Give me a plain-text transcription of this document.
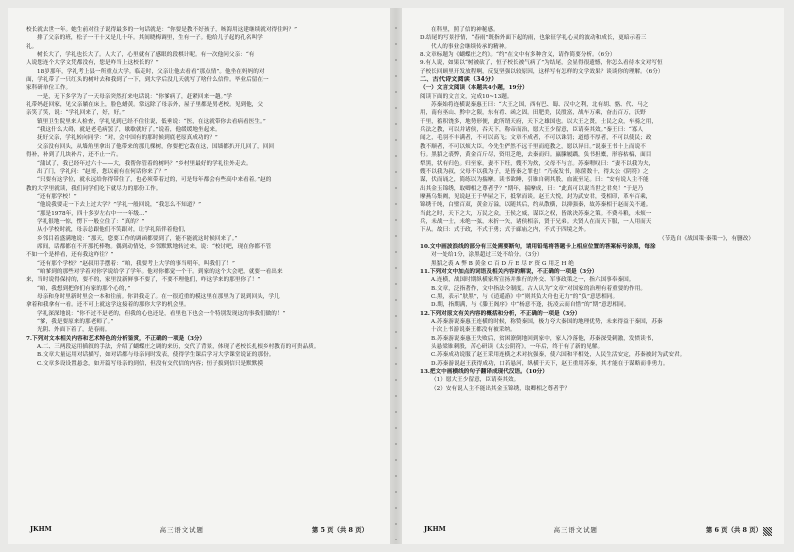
校长就去世一年。她生前对往子说得最多的一句话就是：“你要是教不好孩子，咳海用这建继续就对得住吗？”
排了父亲的班，松子一干十又是几十年。其间晓梅调里，生有一子。他给儿子起的孔名叫学
礼。
树长大了，学礼也长大了。人大了，心里就有了感眼的段棋计呢。有一次他问父亲：“有
人说您连个大学文凭都没有，您是咋当上这校长的？”
18岁那年，学礼考上县一所重点大学。临走时，父亲让他去看看“那点情”。他坐在妈妈的对
面，学礼带了一只红头的树叶去和我到了一下，到大学后没几天就写了啥什么信件。毕业后留在一
家科研单位工作。
一是，无下多学为了一天母亲突然打来电话说：“你爹病了，赶紧回来一趟。”学
礼带妈赶回家，见父亲躺在床上，脸色蜡黄。常远除了母亲外，屋子里都是男老校。见到他，父
亲笑了笑，说：“学礼回来了，好，好。”
镇里卫生院里来人检查，学礼见到已经不住往说，低垂说：“医，在这就带你去看病看医生。”
“我这什么大碍，就是老毛病罢了，歇歇就好了。”说着，他缓缓地坐起来。
抚好父亲，学礼转向同学：“对，会中国有的那时候到底老原真成功的？”
父亲没有回头，从墙角里拿出了他带来的那几棵树，你要把它栽在这，国墙都扒开几回了，回回
得补，补到了几块补片，还不止一片。
“蒲试了，我已经年过六十——大，我帮你管着的树吗？”乡村里最好的学礼往外走去。
出了门，学礼问：“赵哥，您以前有在何话你来了？”
“只要有这学位，就永远给你得带住了，也必须带着过的，可是每年都会有些高中来看着。”赵的
教的大学里就读，我们同学们吃下就尽力的那份工作。
“还有那学校！”
“他说我要走一下去上过大学？”学礼一般回说，“我怎么不知道？”
“那是1978年，四十多岁左右中一一年级…”
学礼很地一惊，愣下一般立住了：“真的？”
从小学校时就，母亲总跟他们不笑跟对，让学礼陪伴着他们，
乡邻目着盛满地说：“那天，您要工作的调函都要到了，能不能就这时候回来了。”
席间，话都都在不开那托棒物。偶到动情处，乡邻默默地转过来，说：“校讨吧，现在你都不管
不如一个是样看，还有我这咋往？”
“还有那个学校？”赵叔用手摆着：“咱，我要考上大学的事当明年，叫我们了！”
“咱爹到的那些对学着对你学说给学了学年。他对你都觉一个干。到家的这个大会吧，就要一看出来
来，当时说得保持的，要不的，家里没新鲜事不要了，不要不理他们，咋这学来的那里你了！”
“咱，我想到把你们有家的那个心的，”
母亲和身时里新时里会一本和往前。你讲我走了。在一很近重的模这里在那里为了说到回头，学儿
拿着和我拿有一看。还不可上就这学这接着的那你大学的机会里。
学礼深深地说：“你不过不是老的，但我的心也还是，看里也下也会一个特别发现这的事我们做的！”
“爹，我是要原来的那老师了。”
光阴、外面下着了，是春雨。
7.下列对文本相关内容和艺术特色的分析鉴赏，不正确的一项是（3分）
A.二、三两段运用插叙的手法，介绍了蝴蝶庄之调的来历，交代了背景，体现了老校长扎根乡村教育的可贵品质。
B.文章大量运用对话描写，如对话都与母亲同时发表，使得学生课后学习大学课堂说证的那份。
C.文章多设设置悬念，如开篇写母亲的到信，但没有交代信的内容；恒子拔到信只是默默摸
JKHM	高三语文试题	第 5 页（共 8 页）
在科里，照了信的神秘感。
D.结尾的写景抒情，“春雨”既指外面下起的雨，也象征学礼心灵的波动和成长，更暗示着三
代人的事业会继续传承的精神。
8.文章标题为《蝴蝶庄之约》。“约”在文中有多种含义，请作简要分析。（6分）
9.有人说，如果以“树被砍了，恒子校长被气病了”为结尾，会显得很遗憾，你怎么看待本文对写恒
子校长回顾里开发放程啊，反复坚强以较原因，这样写有怎样的文学效果？谈谈你的理解。（6分）
二、古代诗文阅读（34分）
（一）文言文阅读（本题共4小题，19分）
阅读下面的文言文，完成10~13题。
苏秦始将连横说秦惠王曰：“大王之国，西有巴、蜀、汉中之利，北有胡、貉、代、马之
用，南有巫山、黔中之限，东有肴、函之固。田肥美，民殷富，战车万乘，奋击百万，沃野
千里，蓄积饶多，地势形便，此所谓天府，天下之雄国也。以大王之贤，士民之众，车骑之用，
兵法之教，可以并诸侯，吞天下，称帝而治，愿大王少留意，臣请奏其效。”秦王曰：“寡人
闻之，毛羽不丰满者，不可以高飞；文章不成者，不可以诛罚；道德不厚者，不可以使民；政
教不顺者，不可以烦大臣。今先生俨然不远千里而庭教之，愿以异日。”说秦王书十上而说不
行。黑貂之裘弊，黄金百斤尽，资用乏绝，去秦而归。羸縢履蹻，负书担橐，形容枯槁，面目
犁黑，状有归色。归至家，妻不下纴，嫂不为炊，父母不与言。苏秦喟叹曰：“妻不以我为夫，
嫂不以我为叔，父母不以我为子，是皆秦之罪也！”乃夜发书，陈箧数十，得太公《阴符》之
谋，伏而诵之，简练以为揣摩。读书欲睡，引锥自刺其股，血流至足。曰：“安有说人主不能
出其金玉锦绣，取卿相之尊者乎？”期年，揣摩成，曰：“此真可以说当世之君矣！”于是乃
摩燕乌集阙，见说赵王于华屋之下，抵掌而谈。赵王大悦，封为武安君，受相印，革车百乘，
锦绣千纯，白璧百双，黄金万溢，以随其后，约从散横，以抑强秦，故苏秦相于赵而关不通。
当此之时，天下之大，万民之众，王侯之威，谋臣之权，皆欲决苏秦之策。不费斗粮，未烦一
兵，未战一士，未绝一弦，未折一矢，诸侯相亲，贤于兄弟。夫贤人在而天下服，一人用而天
下从。故曰：式于政，不式于勇；式于廊庙之内，不式于四境之外。
（节选自《战国策·秦策一》，有删改）
10.文中画波浪线的部分有三处需要断句，请用铅笔将答题卡上相应位置的答案标号涂黑，每涂
对一处给1分，涂黑超过三处不给分。（3分）
黑貂之裘 A 弊 B 黄金 C 百 D 斤 E 尽 F 资 G 用乏 H 绝
11.下列对文中加点的词语及相关内容的解说，不正确的一项是（3分）
A.连横，战国时期纵横家所宣扬并推行的外交、军事政策之一，指六国事奉秦国。
B.文章，泛指著作，文中指法令制度。古人认为“文章”对国家的治理有着重要的作用。
C.黑，表示“肤黑”，与《逍遥游》中“则其负大舟也无力”的“负”意思相同。
D.期，指期满，与《滕王阁序》中“杨意不逢，抚凌云而自惜”的“期”意思相同。
12.下列对原文有关内容的概括和分析，不正确的一项是（3分）
A.苏秦游说秦惠王连横的时候，称赞秦国，极力夸大秦国的地理优势，未来得益于秦国，苏秦
十次上书游说秦王都没有被采纳。
B.苏秦游说秦惠王失败后，贫困潦倒地回到家中，家人冷落他，苏秦深受刺激，发愤读书，
头悬梁锥刺股，苦心研读《太公阴符》，一年后，终于有了新的见解。
C.苏秦成功说服了赵王采用连横之术对抗强秦，使六国和平相处，人民生活安定，苏秦被封为武安君。
D.苏秦游说赵王获得成功，口若悬河，纵横于天下，赵王重用苏秦，其才能在于谋略而非勇力。
13.把文中画横线的句子翻译成现代汉语。（10分）
（1）愿大王少留意，臣请奏其效。
（2）安有说人主不能出其金玉锦绣，取卿相之尊者乎？
JKHM	高三语文试题	第 6 页（共 8 页）
